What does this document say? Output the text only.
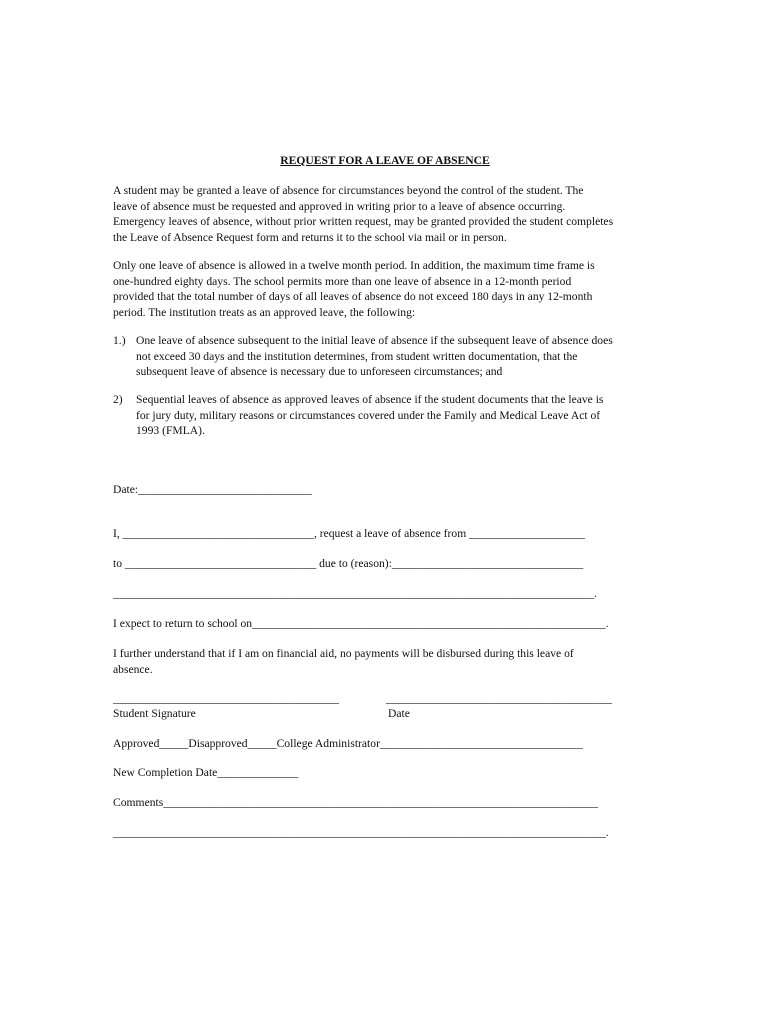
REQUEST FOR A LEAVE OF ABSENCE
A student may be granted a leave of absence for circumstances beyond the control of the student. The
leave of absence must be requested and approved in writing prior to a leave of absence occurring.
Emergency leaves of absence, without prior written request, may be granted provided the student completes
the Leave of Absence Request form and returns it to the school via mail or in person.
Only one leave of absence is allowed in a twelve month period. In addition, the maximum time frame is
one-hundred eighty days. The school permits more than one leave of absence in a 12-month period
provided that the total number of days of all leaves of absence do not exceed 180 days in any 12-month
period. The institution treats as an approved leave, the following:
1.) One leave of absence subsequent to the initial leave of absence if the subsequent leave of absence does
not exceed 30 days and the institution determines, from student written documentation, that the
subsequent leave of absence is necessary due to unforeseen circumstances; and
2) Sequential leaves of absence as approved leaves of absence if the student documents that the leave is
for jury duty, military reasons or circumstances covered under the Family and Medical Leave Act of
1993 (FMLA).
Date:______________________________
I, _________________________________, request a leave of absence from ____________________
to _________________________________ due to (reason):_________________________________
___________________________________________________________________________________.
I expect to return to school on_____________________________________________________________.
I further understand that if I am on financial aid, no payments will be disbursed during this leave of
absence.
_______________________________________	_______________________________________
Student Signature	Date
Approved_____Disapproved_____College Administrator___________________________________
New Completion Date______________
Comments___________________________________________________________________________
_____________________________________________________________________________________.
